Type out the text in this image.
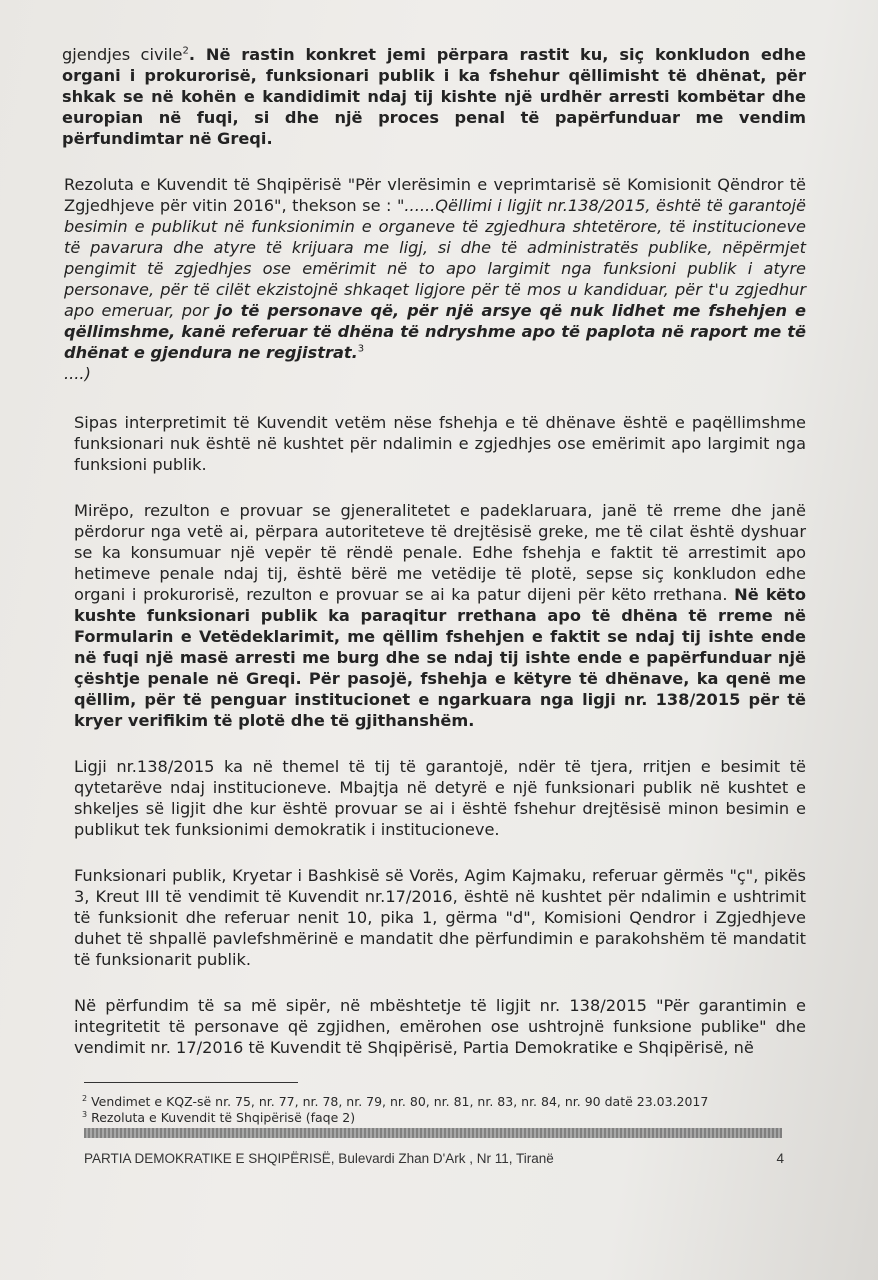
gjendjes civile$^2$. Në rastin konkret jemi përpara rastit ku, siç konkludon edhe organi i prokurorisë, funksionari publik i ka fshehur qëllimisht të dhënat, për shkak se në kohën e kandidimit ndaj tij kishte një urdhër arresti kombëtar dhe europian në fuqi, si dhe një proces penal të papërfunduar me vendim përfundimtar në Greqi.

Rezoluta e Kuvendit të Shqipërisë "Për vlerësimin e veprimtarisë së Komisionit Qëndror të Zgjedhjeve për vitin 2016", thekson se : "......Qëllimi i ligjit nr.138/2015, është të garantojë besimin e publikut në funksionimin e organeve të zgjedhura shtetërore, të institucioneve të pavarura dhe atyre të krijuara me ligj, si dhe të administratës publike, nëpërmjet pengimit të zgjedhjes ose emërimit në to apo largimit nga funksioni publik i atyre personave, për të cilët ekzistojnë shkaqet ligjore për të mos u kandiduar, për t'u zgjedhur apo emeruar, por jo të personave që, për një arsye që nuk lidhet me fshehjen e qëllimshme, kanë referuar të dhëna të ndryshme apo të paplota në raport me të dhënat e gjendura ne regjistrat.$^3$
....)

Sipas interpretimit të Kuvendit vetëm nëse fshehja e të dhënave është e paqëllimshme funksionari nuk është në kushtet për ndalimin e zgjedhjes ose emërimit apo largimit nga funksioni publik.

Mirëpo, rezulton e provuar se gjeneralitetet e padeklaruara, janë të rreme dhe janë përdorur nga vetë ai, përpara autoriteteve të drejtësisë greke, me të cilat është dyshuar se ka konsumuar një vepër të rëndë penale. Edhe fshehja e faktit të arrestimit apo hetimeve penale ndaj tij, është bërë me vetëdije të plotë, sepse siç konkludon edhe organi i prokurorisë, rezulton e provuar se ai ka patur dijeni për këto rrethana. Në këto kushte funksionari publik ka paraqitur rrethana apo të dhëna të rreme në Formularin e Vetëdeklarimit, me qëllim fshehjen e faktit se ndaj tij ishte ende në fuqi një masë arresti me burg dhe se ndaj tij ishte ende e papërfunduar një çështje penale në Greqi. Për pasojë, fshehja e këtyre të dhënave, ka qenë me qëllim, për të penguar institucionet e ngarkuara nga ligji nr. 138/2015 për të kryer verifikim të plotë dhe të gjithanshëm.

Ligji nr.138/2015 ka në themel të tij të garantojë, ndër të tjera, rritjen e besimit të qytetarëve ndaj institucioneve. Mbajtja në detyrë e një funksionari publik në kushtet e shkeljes së ligjit dhe kur është provuar se ai i është fshehur drejtësisë minon besimin e publikut tek funksionimi demokratik i institucioneve.

Funksionari publik, Kryetar i Bashkisë së Vorës, Agim Kajmaku, referuar gërmës "ç", pikës 3, Kreut III të vendimit të Kuvendit nr.17/2016, është në kushtet për ndalimin e ushtrimit të funksionit dhe referuar nenit 10, pika 1, gërma "d", Komisioni Qendror i Zgjedhjeve duhet të shpallë pavlefshmërinë e mandatit dhe përfundimin e parakohshëm të mandatit të funksionarit publik.

Në përfundim të sa më sipër, në mbështetje të ligjit nr. 138/2015 "Për garantimin e integritetit të personave që zgjidhen, emërohen ose ushtrojnë funksione publike" dhe vendimit nr. 17/2016 të Kuvendit të Shqipërisë, Partia Demokratike e Shqipërisë, në

$^2$ Vendimet e KQZ-së nr. 75, nr. 77, nr. 78, nr. 79, nr. 80, nr. 81, nr. 83, nr. 84, nr. 90 datë 23.03.2017
$^3$ Rezoluta e Kuvendit të Shqipërisë (faqe 2)
PARTIA DEMOKRATIKE E SHQIPËRISË, Bulevardi Zhan D'Ark , Nr 11, Tiranë	4
